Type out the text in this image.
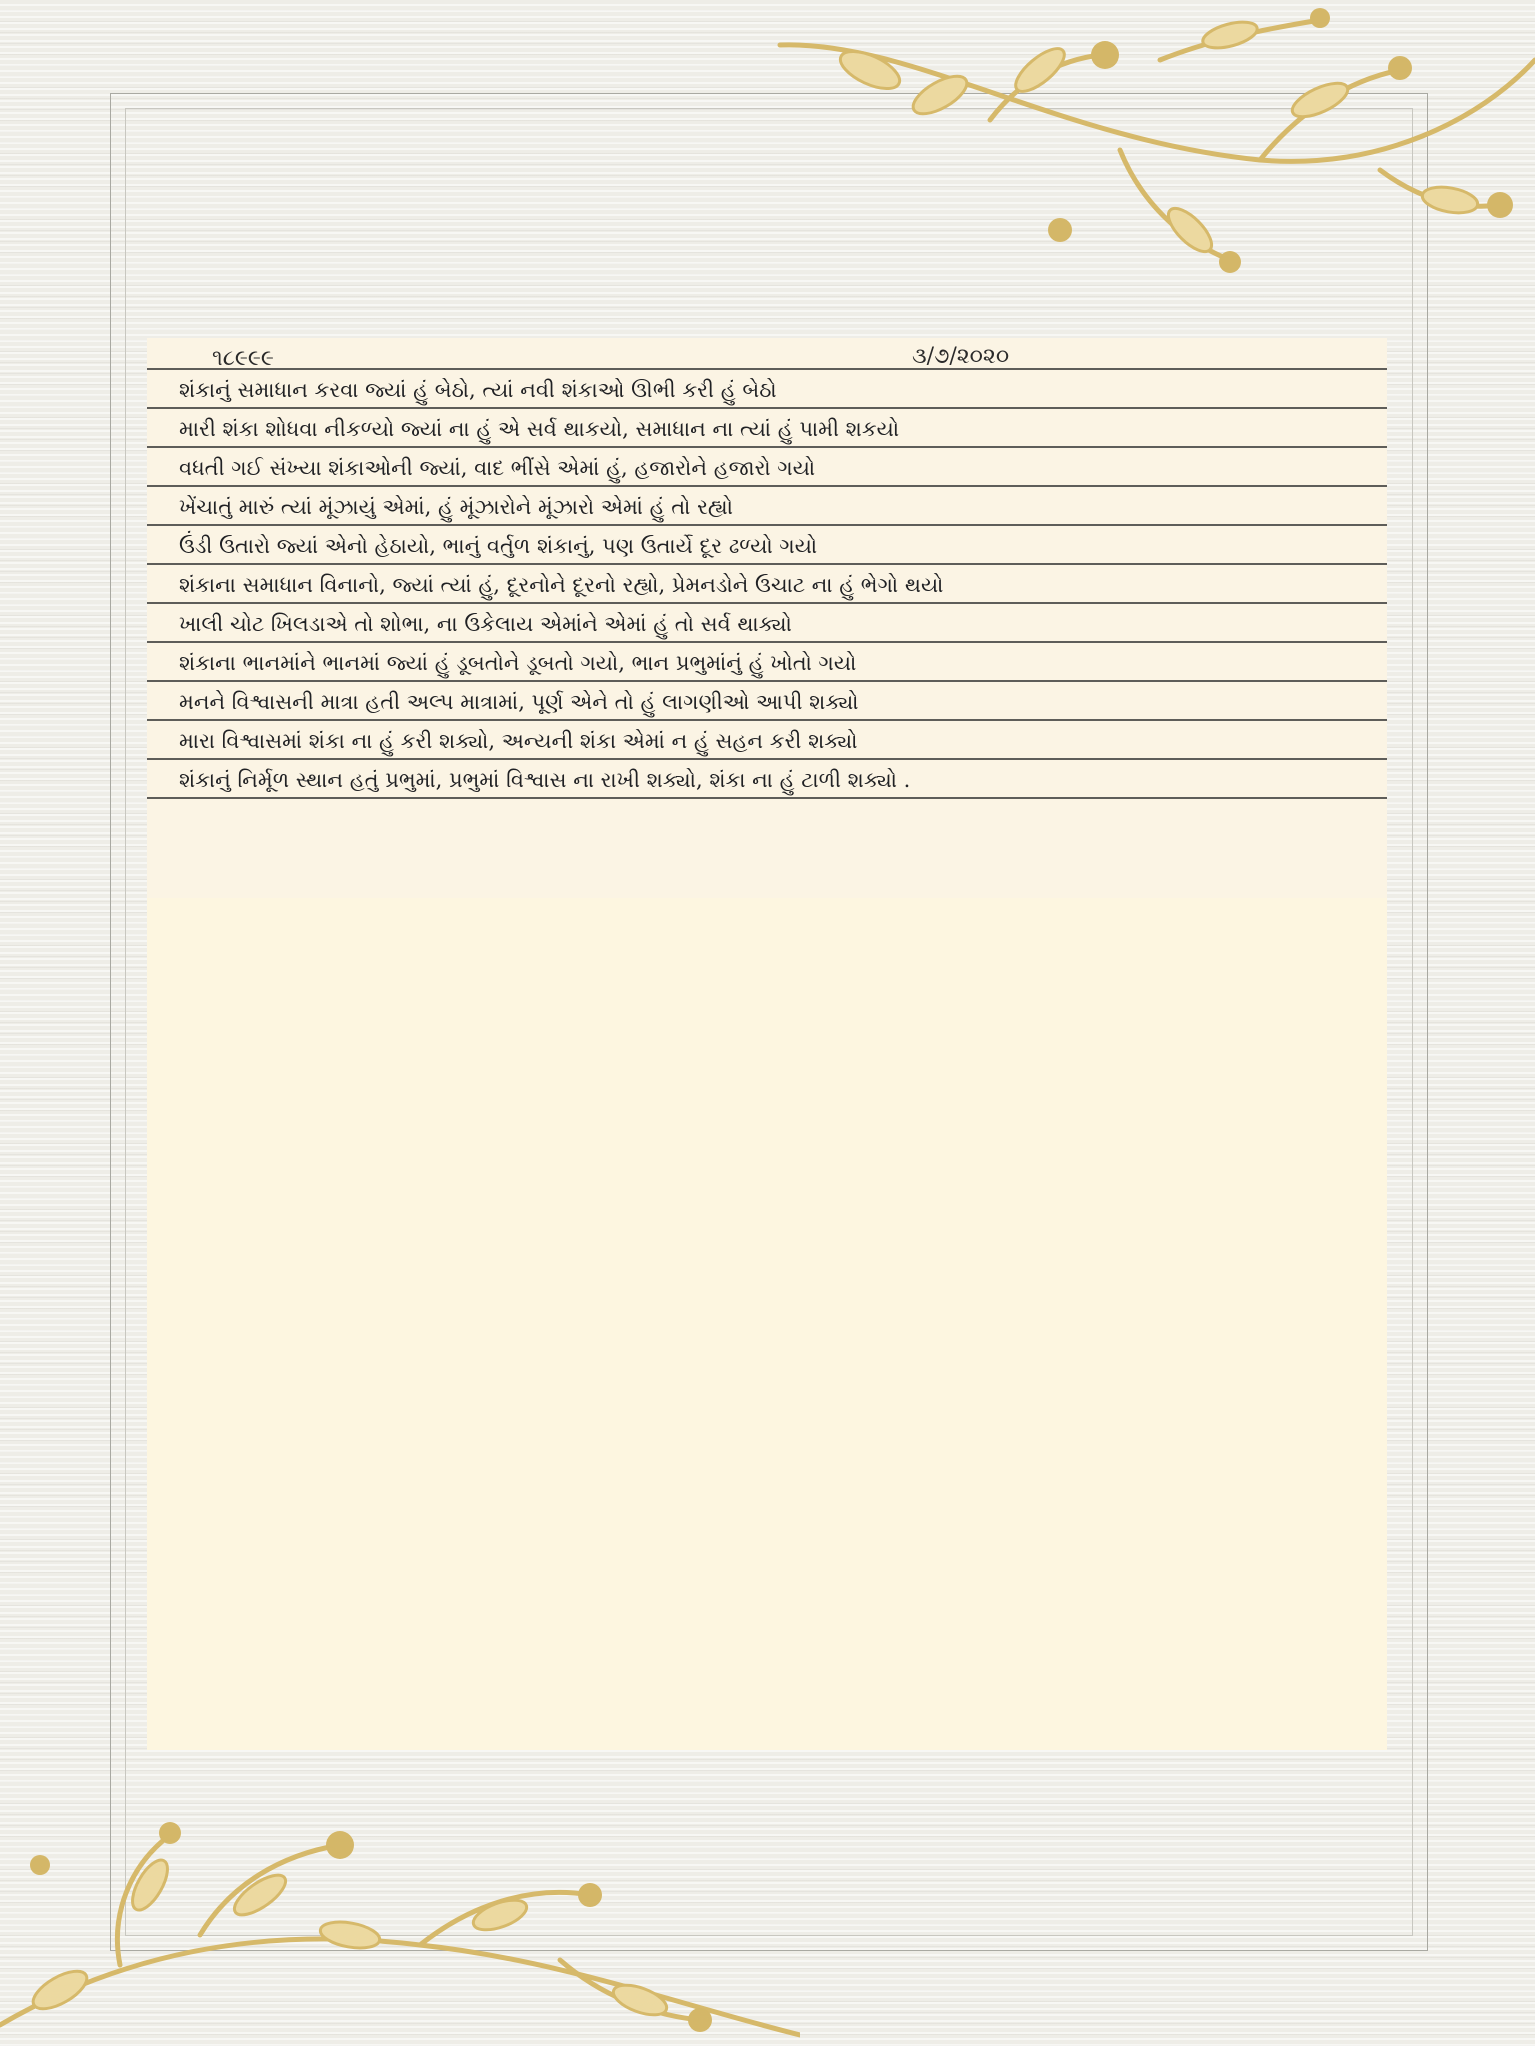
૧૮૯૯૯	૩/૭/૨૦૨૦

શંકાનું સમાધાન કરવા જ્યાં હું બેઠો, ત્યાં નવી શંકાઓ ઊભી કરી હું બેઠો

મારી શંકા શોધવા નીકળ્યો જ્યાં ના હું એ સર્વ થાકયો, સમાધાન ના ત્યાં હું પામી શકયો

વધતી ગઈ સંખ્યા શંકાઓની જ્યાં, વાદ ભીંસે એમાં હું, હજારોને હજારો ગયો

ખેંચાતું મારું ત્યાં મૂંઝાયું એમાં, હું મૂંઝારોને મૂંઝારો એમાં હું તો રહ્યો

ઉંડી ઉતારો જ્યાં એનો હેઠાયો, ભાનું વર્તુળ શંકાનું, પણ ઉતાર્યે દૂર ઢળ્યો ગયો

શંકાના સમાધાન વિનાનો, જ્યાં ત્યાં હું, દૂરનોને દૂરનો રહ્યો, પ્રેમનડોને ઉચાટ ના હું ભેગો થયો

ખાલી ચોટ ખિલડાએ તો શોભા, ના ઉકેલાય એમાંને એમાં હું તો સર્વ થાક્યો

શંકાના ભાનમાંને ભાનમાં જ્યાં હું ડૂબતોને ડૂબતો ગયો, ભાન પ્રભુમાંનું હું ખોતો ગયો

મનને વિશ્વાસની માત્રા હતી અલ્પ માત્રામાં, પૂર્ણ એને તો હું લાગણીઓ આપી શક્યો

મારા વિશ્વાસમાં શંકા ના હું કરી શક્યો, અન્યની શંકા એમાં ન હું સહન કરી શક્યો

શંકાનું નિર્મૂળ સ્થાન હતું પ્રભુમાં, પ્રભુમાં વિશ્વાસ ના રાખી શક્યો, શંકા ના હું ટાળી શક્યો .
